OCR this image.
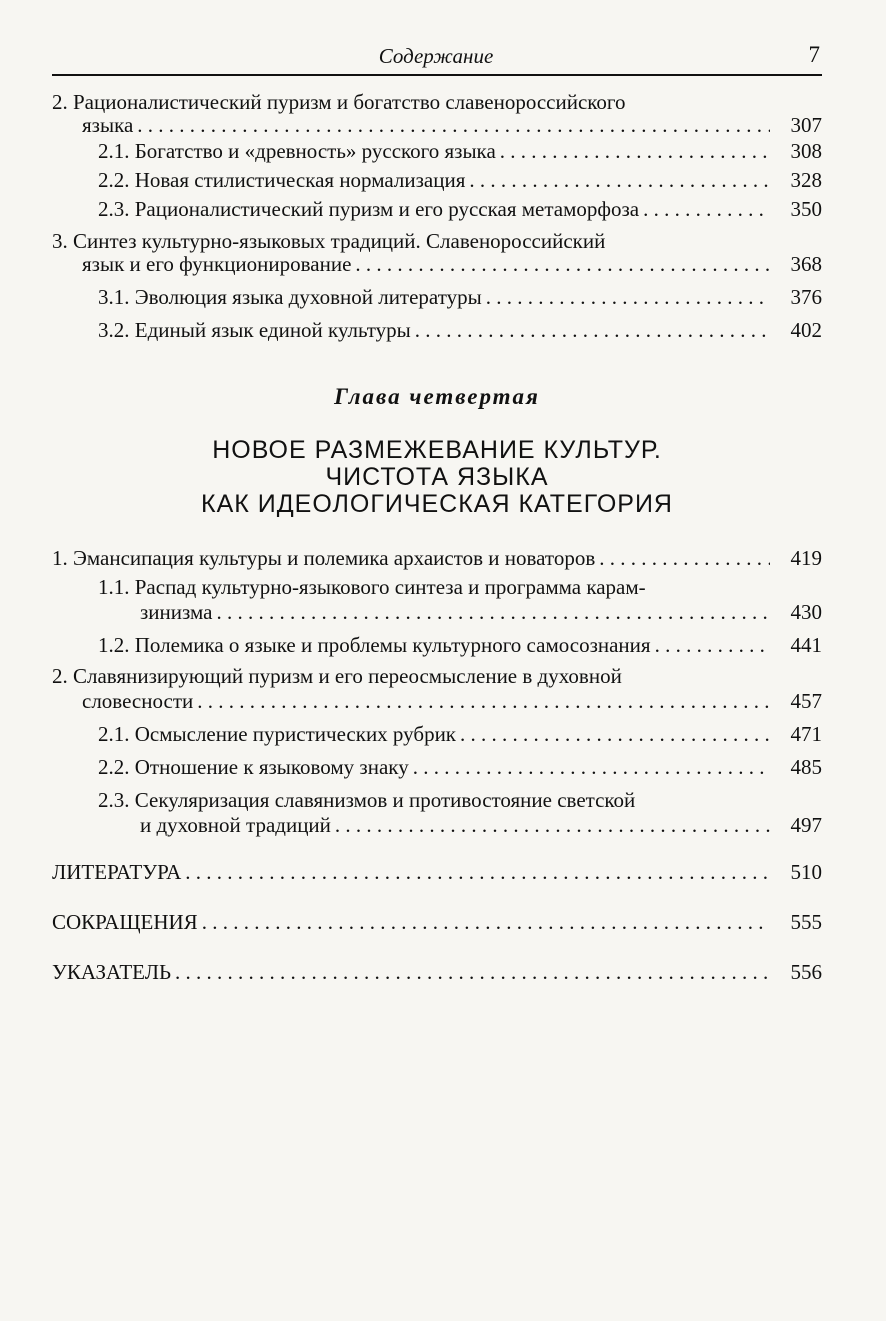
Содержание	7
2. Рационалистический пуризм и богатство славенороссийского
языка . . .	307
2.1. Богатство и «древность» русского языка . . .	308
2.2. Новая стилистическая нормализация . . .	328
2.3. Рационалистический пуризм и его русская метаморфоза . . .	350
3. Синтез культурно-языковых традиций. Славенороссийский
язык и его функционирование . . .	368
3.1. Эволюция языка духовной литературы . . .	376
3.2. Единый язык единой культуры . . .	402
Глава четвертая
НОВОЕ РАЗМЕЖЕВАНИЕ КУЛЬТУР.
ЧИСТОТА ЯЗЫКА
КАК ИДЕОЛОГИЧЕСКАЯ КАТЕГОРИЯ
1. Эмансипация культуры и полемика архаистов и новаторов . . .	419
1.1. Распад культурно-языкового синтеза и программа карам-
зинизма . . .	430
1.2. Полемика о языке и проблемы культурного самосознания . . .	441
2. Славянизирующий пуризм и его переосмысление в духовной
словесности . . .	457
2.1. Осмысление пуристических рубрик . . .	471
2.2. Отношение к языковому знаку . . .	485
2.3. Секуляризация славянизмов и противостояние светской
и духовной традиций . . .	497
ЛИТЕРАТУРА . . .	510
СОКРАЩЕНИЯ . . .	555
УКАЗАТЕЛЬ . . .	556
